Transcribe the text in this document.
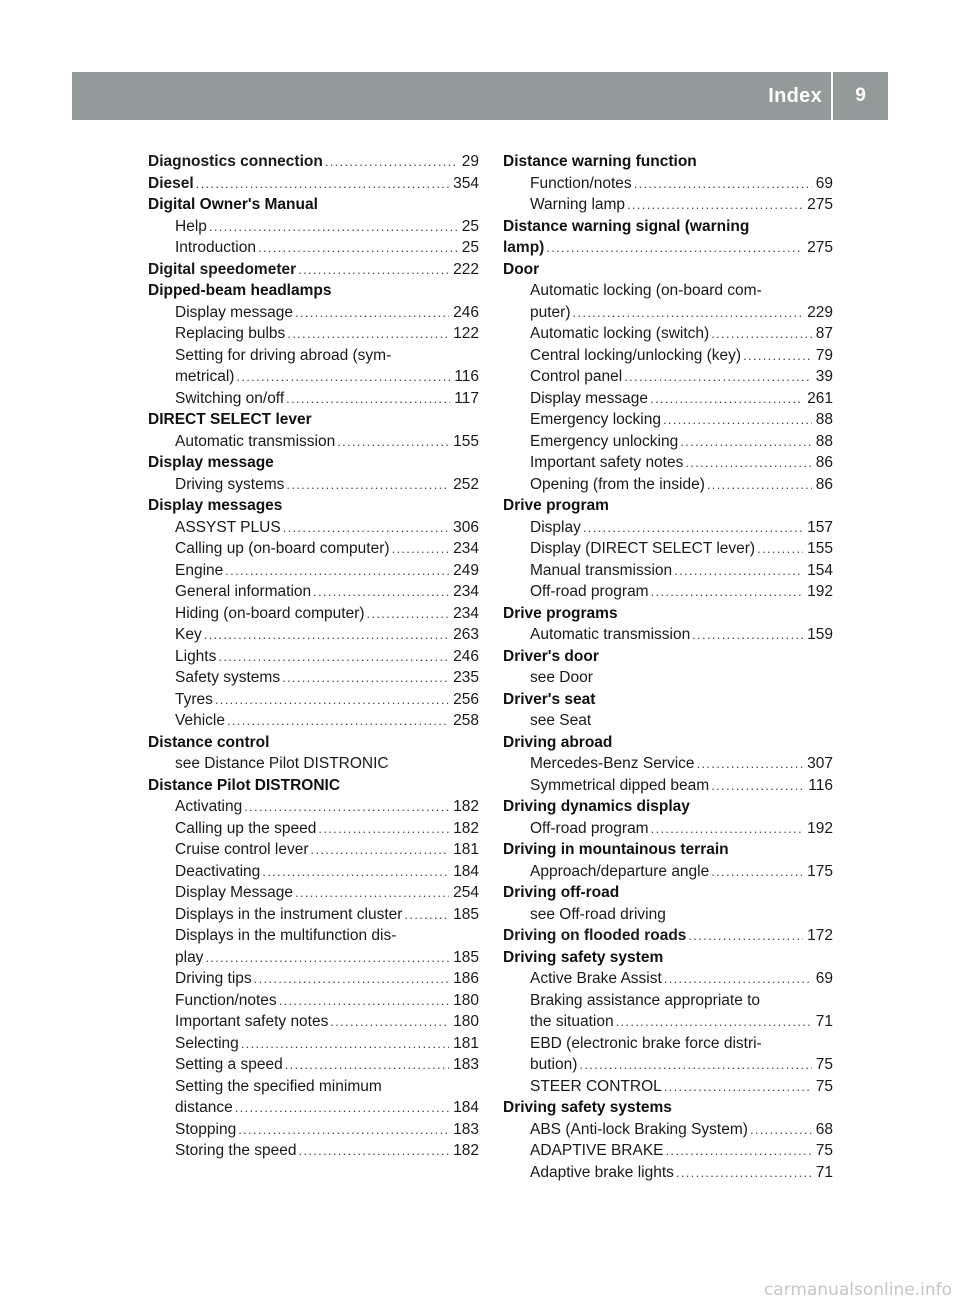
Index	9
Diagnostics connection .....	29
Diesel .....	354
Digital Owner's Manual
Help .....	25
Introduction .....	25
Digital speedometer .....	222
Dipped-beam headlamps
Display message .....	246
Replacing bulbs .....	122
Setting for driving abroad (sym-
metrical) .....	116
Switching on/off .....	117
DIRECT SELECT lever
Automatic transmission .....	155
Display message
Driving systems .....	252
Display messages
ASSYST PLUS .....	306
Calling up (on-board computer) .....	234
Engine .....	249
General information .....	234
Hiding (on-board computer) .....	234
Key .....	263
Lights .....	246
Safety systems .....	235
Tyres .....	256
Vehicle .....	258
Distance control
see Distance Pilot DISTRONIC
Distance Pilot DISTRONIC
Activating .....	182
Calling up the speed .....	182
Cruise control lever .....	181
Deactivating .....	184
Display Message .....	254
Displays in the instrument cluster .....	185
Displays in the multifunction dis-
play .....	185
Driving tips .....	186
Function/notes .....	180
Important safety notes .....	180
Selecting .....	181
Setting a speed .....	183
Setting the specified minimum
distance .....	184
Stopping .....	183
Storing the speed .....	182
Distance warning function
Function/notes .....	69
Warning lamp .....	275
Distance warning signal (warning
lamp) .....	275
Door
Automatic locking (on-board com-
puter) .....	229
Automatic locking (switch) .....	87
Central locking/unlocking (key) .....	79
Control panel .....	39
Display message .....	261
Emergency locking .....	88
Emergency unlocking .....	88
Important safety notes .....	86
Opening (from the inside) .....	86
Drive program
Display .....	157
Display (DIRECT SELECT lever) .....	155
Manual transmission .....	154
Off-road program .....	192
Drive programs
Automatic transmission .....	159
Driver's door
see Door
Driver's seat
see Seat
Driving abroad
Mercedes-Benz Service .....	307
Symmetrical dipped beam .....	116
Driving dynamics display
Off-road program .....	192
Driving in mountainous terrain
Approach/departure angle .....	175
Driving off-road
see Off-road driving
Driving on flooded roads .....	172
Driving safety system
Active Brake Assist .....	69
Braking assistance appropriate to
the situation .....	71
EBD (electronic brake force distri-
bution) .....	75
STEER CONTROL .....	75
Driving safety systems
ABS (Anti-lock Braking System) .....	68
ADAPTIVE BRAKE .....	75
Adaptive brake lights .....	71
carmanualsonline.info
